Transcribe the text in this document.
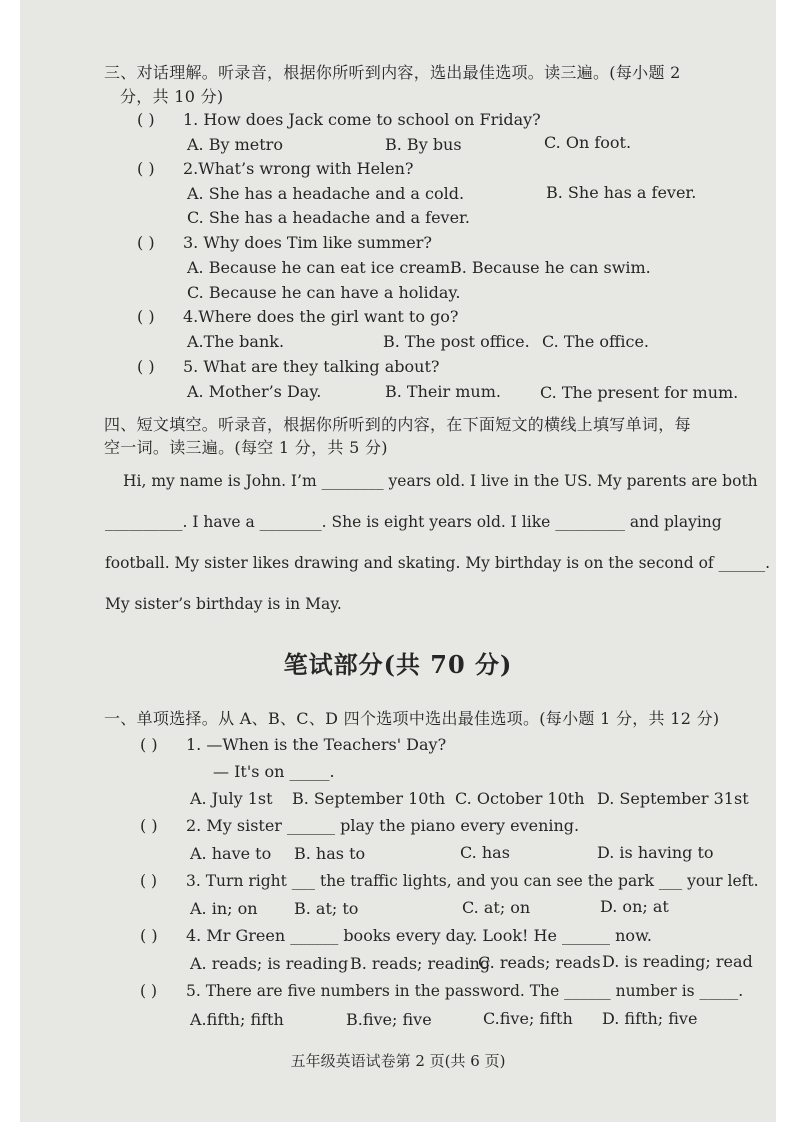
三、对话理解。听录音，根据你所听到内容，选出最佳选项。读三遍。(每小题 2
分，共 10 分)
( ) 1. How does Jack come to school on Friday?
A. By metro	B. By bus	C. On foot.
( ) 2.What’s wrong with Helen?
A. She has a headache and a cold.	B. She has a fever.
C. She has a headache and a fever.
( ) 3. Why does Tim like summer?
A. Because he can eat ice cream.
B. Because he can swim.
C. Because he can have a holiday.
( ) 4.Where does the girl want to go?
A.The bank.	B. The post office. C. The office.
( ) 5. What are they talking about?
A. Mother’s Day.	B. Their mum. C. The present for mum.
四、短文填空。听录音，根据你所听到的内容，在下面短文的横线上填写单词，每
空一词。读三遍。(每空 1 分，共 5 分)
Hi, my name is John. I’m ________ years old. I live in the US. My parents are both
__________. I have a ________. She is eight years old. I like _________ and playing
football. My sister likes drawing and skating. My birthday is on the second of ______.
My sister’s birthday is in May.
笔试部分(共 70 分)
一、单项选择。从 A、B、C、D 四个选项中选出最佳选项。(每小题 1 分，共 12 分)
( ) 1. —When is the Teachers' Day?
— It's on _____.
A. July 1st B. September 10th C. October 10th D. September 31st
( ) 2. My sister ______ play the piano every evening.
A. have to B. has to	C. has	D. is having to
( ) 3. Turn right ___ the traffic lights, and you can see the park ___ your left.
A. in; on B. at; to	C. at; on	D. on; at
( ) 4. Mr Green ______ books every day. Look! He ______ now.
A. reads; is reading B. reads; reading
C. reads; reads D. is reading; read
( ) 5. There are five numbers in the password. The ______ number is _____.
A.fifth; fifth	B.five; five	C.five; fifth D. fifth; five
五年级英语试卷第 2 页(共 6 页)
